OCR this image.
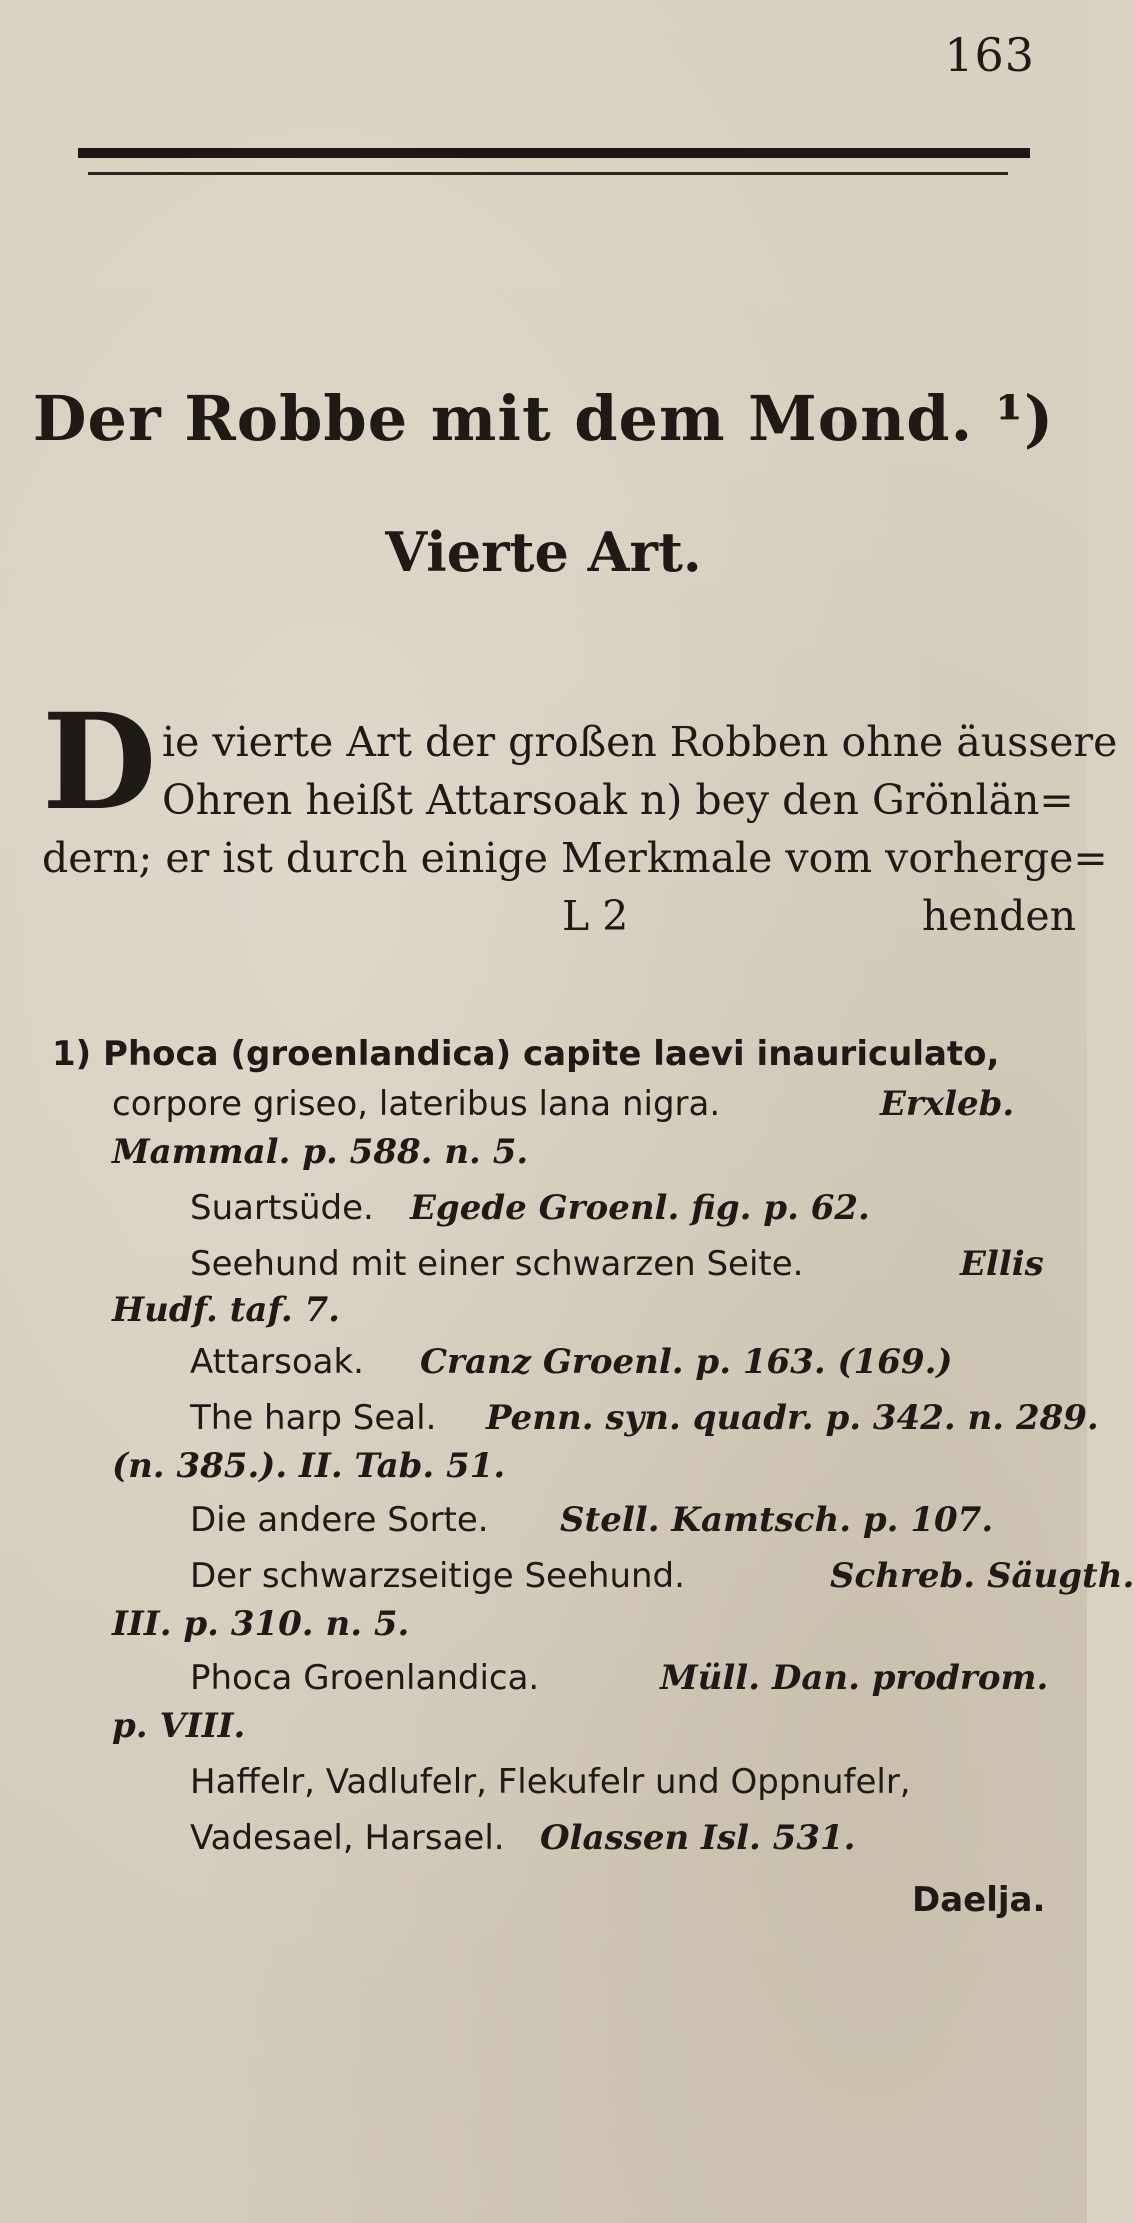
163
Der Robbe mit dem Mond. ¹)
Vierte Art.
D ie vierte Art der großen Robben ohne äussere
Ohren heißt Attarsoak n) bey den Grönlän=
dern; er ist durch einige Merkmale vom vorherge=
L 2	henden
1) Phoca (groenlandica) capite laevi inauriculato,
corpore griseo, lateribus lana nigra.	Erxleb.
Mammal. p. 588. n. 5.
Suartsüde. Egede Groenl. fig. p. 62.
Seehund mit einer schwarzen Seite.	Ellis
Hudf. taf. 7.
Attarsoak. Cranz Groenl. p. 163. (169.)
The harp Seal. Penn. syn. quadr. p. 342. n. 289.
(n. 385.). II. Tab. 51.
Die andere Sorte. Stell. Kamtsch. p. 107.
Der schwarzseitige Seehund.	Schreb. Säugth.
III. p. 310. n. 5.
Phoca Groenlandica.	Müll. Dan. prodrom.
p. VIII.
Haffelr, Vadlufelr, Flekufelr und Oppnufelr,
Vadesael, Harsael. Olassen Isl. 531.
Daelja.
